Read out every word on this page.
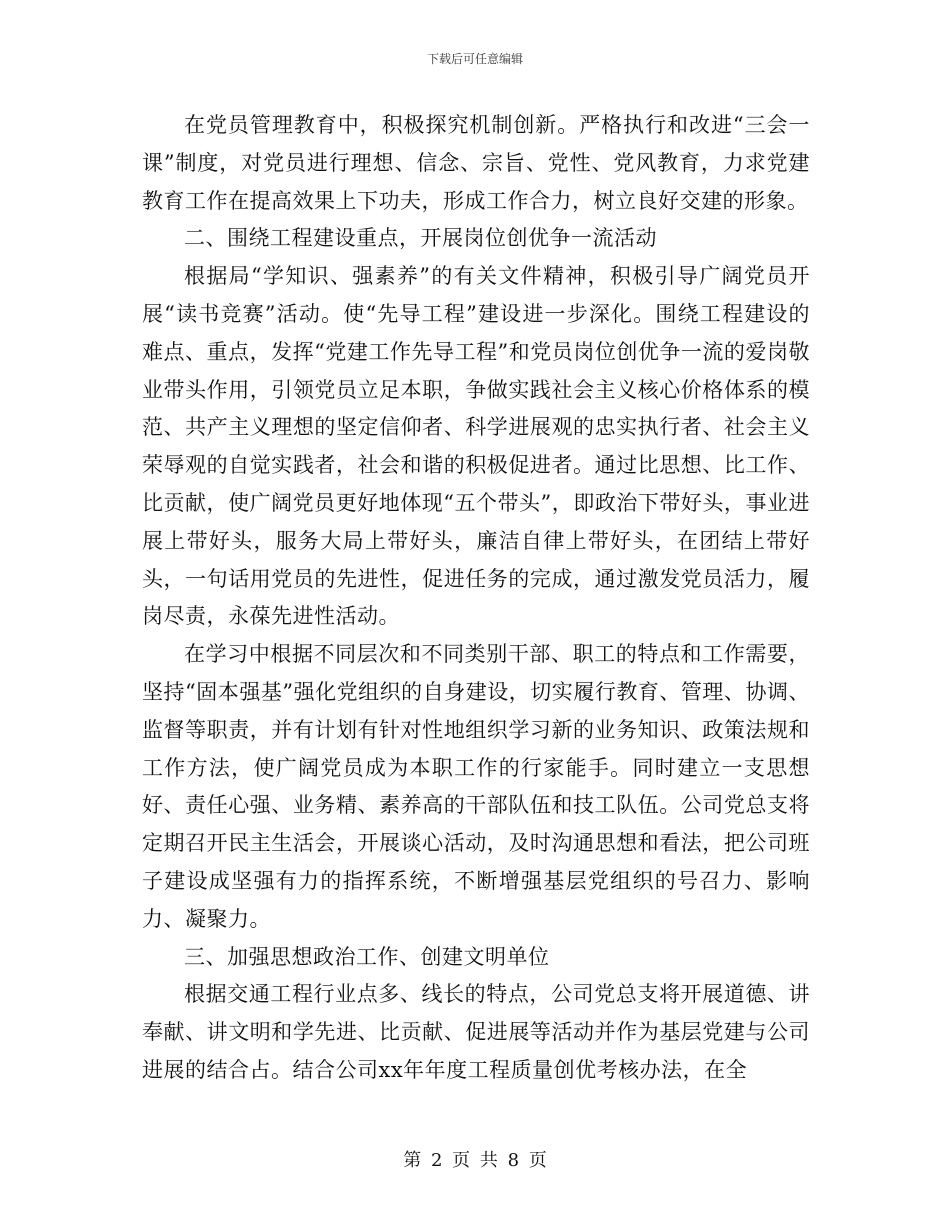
下载后可任意编辑

在党员管理教育中，积极探究机制创新。严格执行和改进“三会一课”制度，对党员进行理想、信念、宗旨、党性、党风教育，力求党建教育工作在提高效果上下功夫，形成工作合力，树立良好交建的形象。

二、围绕工程建设重点，开展岗位创优争一流活动

根据局“学知识、强素养”的有关文件精神，积极引导广阔党员开展“读书竞赛”活动。使“先导工程”建设进一步深化。围绕工程建设的难点、重点，发挥“党建工作先导工程”和党员岗位创优争一流的爱岗敬业带头作用，引领党员立足本职，争做实践社会主义核心价格体系的模范、共产主义理想的坚定信仰者、科学进展观的忠实执行者、社会主义荣辱观的自觉实践者，社会和谐的积极促进者。通过比思想、比工作、比贡献，使广阔党员更好地体现“五个带头”，即政治下带好头，事业进展上带好头，服务大局上带好头，廉洁自律上带好头，在团结上带好头，一句话用党员的先进性，促进任务的完成，通过激发党员活力，履岗尽责，永葆先进性活动。

在学习中根据不同层次和不同类别干部、职工的特点和工作需要，坚持“固本强基”强化党组织的自身建设，切实履行教育、管理、协调、监督等职责，并有计划有针对性地组织学习新的业务知识、政策法规和工作方法，使广阔党员成为本职工作的行家能手。同时建立一支思想好、责任心强、业务精、素养高的干部队伍和技工队伍。公司党总支将定期召开民主生活会，开展谈心活动，及时沟通思想和看法，把公司班子建设成坚强有力的指挥系统，不断增强基层党组织的号召力、影响力、凝聚力。

三、加强思想政治工作、创建文明单位

根据交通工程行业点多、线长的特点，公司党总支将开展道德、讲奉献、讲文明和学先进、比贡献、促进展等活动并作为基层党建与公司进展的结合占。结合公司xx年年度工程质量创优考核办法，在全

第 2 页 共 8 页
